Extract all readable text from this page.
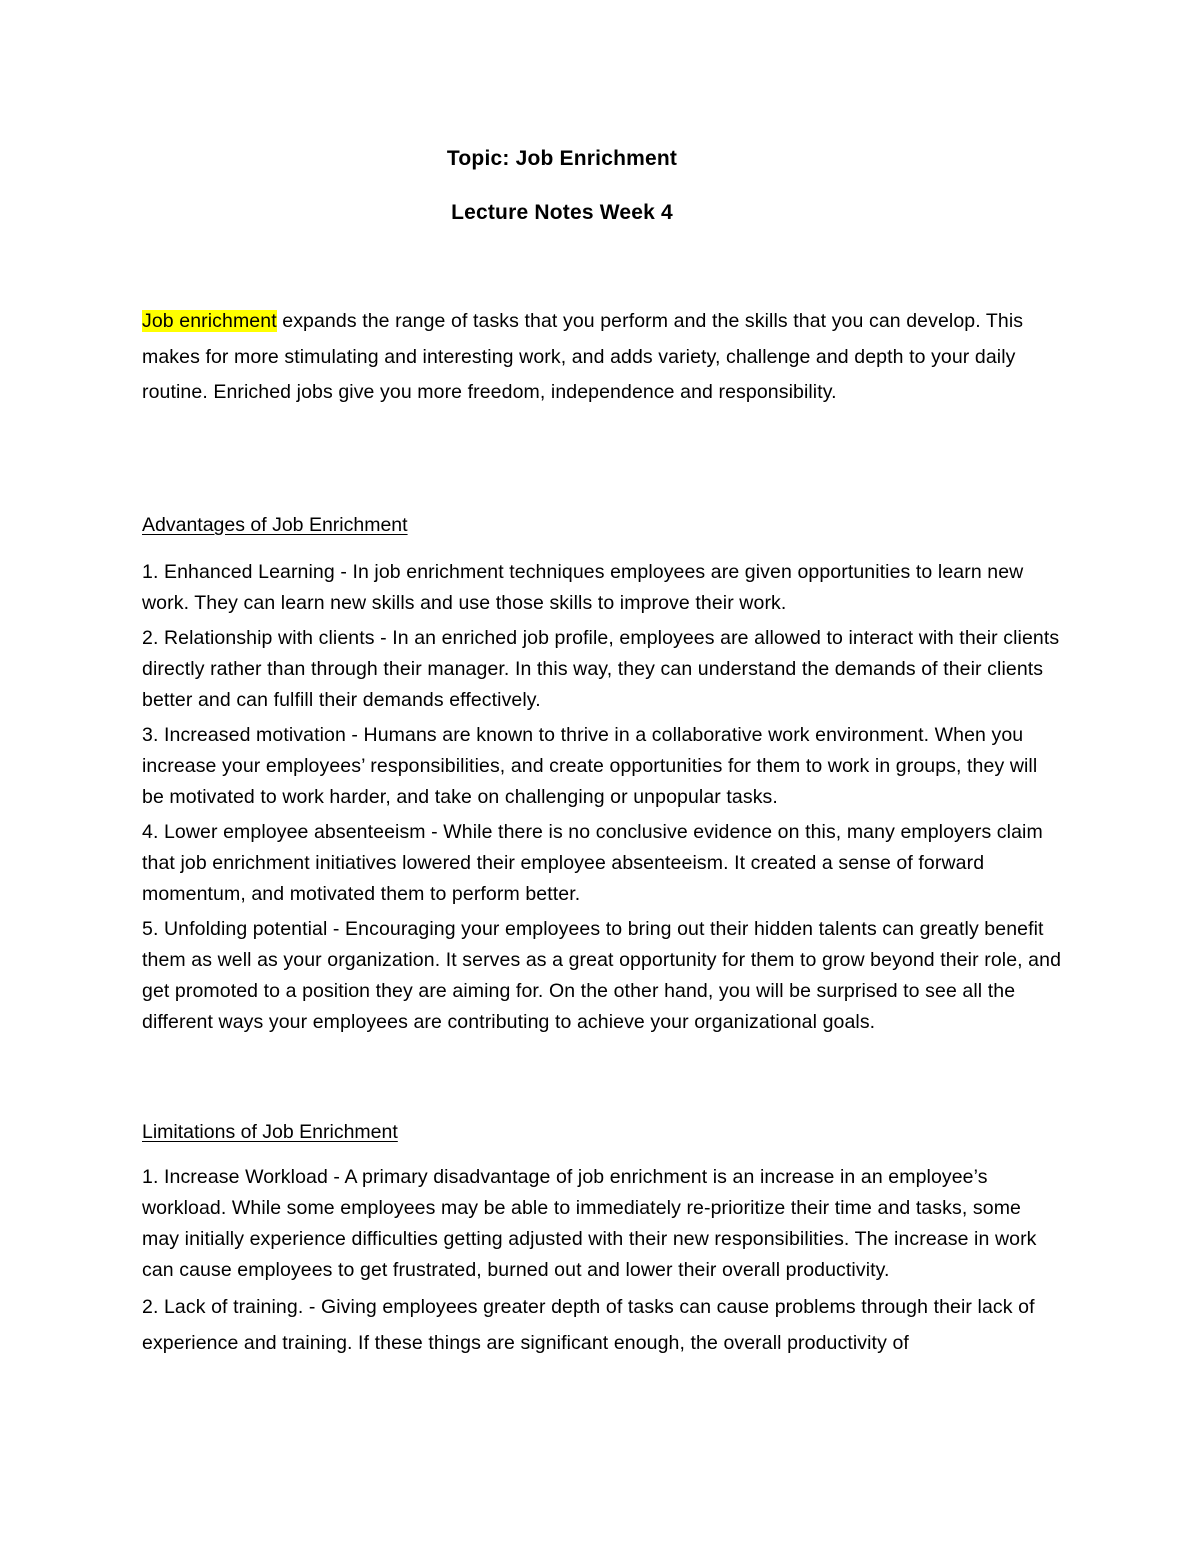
Topic: Job Enrichment
Lecture Notes Week 4

Job enrichment expands the range of tasks that you perform and the skills that you can develop. This makes for more stimulating and interesting work, and adds variety, challenge and depth to your daily routine. Enriched jobs give you more freedom, independence and responsibility.

Advantages of Job Enrichment
1. Enhanced Learning - In job enrichment techniques employees are given opportunities to learn new work. They can learn new skills and use those skills to improve their work.
2. Relationship with clients - In an enriched job profile, employees are allowed to interact with their clients directly rather than through their manager. In this way, they can understand the demands of their clients better and can fulfill their demands effectively.
3. Increased motivation - Humans are known to thrive in a collaborative work environment. When you increase your employees’ responsibilities, and create opportunities for them to work in groups, they will be motivated to work harder, and take on challenging or unpopular tasks.
4. Lower employee absenteeism - While there is no conclusive evidence on this, many employers claim that job enrichment initiatives lowered their employee absenteeism. It created a sense of forward momentum, and motivated them to perform better.
5. Unfolding potential - Encouraging your employees to bring out their hidden talents can greatly benefit them as well as your organization. It serves as a great opportunity for them to grow beyond their role, and get promoted to a position they are aiming for. On the other hand, you will be surprised to see all the different ways your employees are contributing to achieve your organizational goals.
Limitations of Job Enrichment
1. Increase Workload - A primary disadvantage of job enrichment is an increase in an employee’s workload. While some employees may be able to immediately re-prioritize their time and tasks, some may initially experience difficulties getting adjusted with their new responsibilities. The increase in work can cause employees to get frustrated, burned out and lower their overall productivity.
2. Lack of training. - Giving employees greater depth of tasks can cause problems through their lack of experience and training. If these things are significant enough, the overall productivity of
